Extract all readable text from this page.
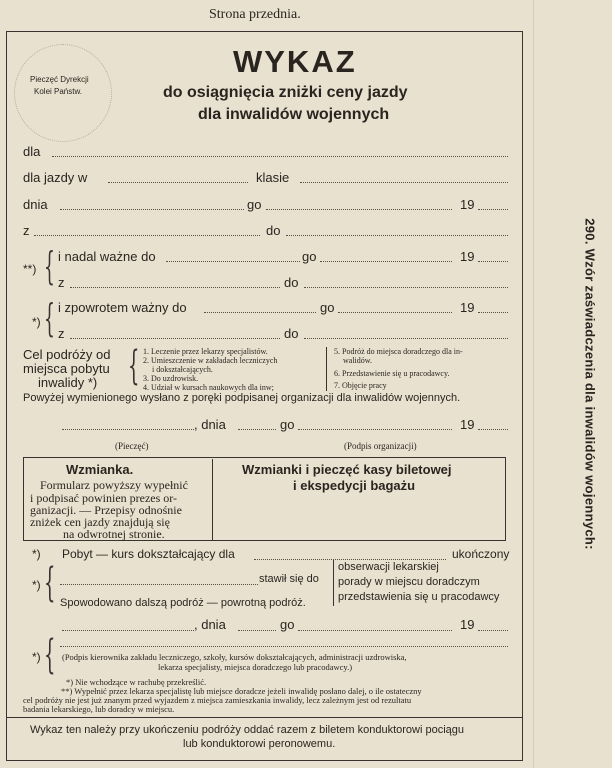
Strona przednia.
Pieczęć Dyrekcji
Kolei Państw.
WYKAZ
do osiągnięcia zniżki ceny jazdy
dla inwalidów wojennych
dla
dla jazdy w	klasie
dnia	go	19
z	do
**) { i nadal ważne do	go	19
z	do
*) { i zpowrotem ważny do	go	19
z	do
Cel podróży od
miejsca pobytu
inwalidy *) { 1. Leczenie przez lekarzy specjalistów.
2. Umieszczenie w zakładach leczniczych
i dokształcających.
3. Do uzdrowisk.
4. Udział w kursach naukowych dla inw;
5. Podróż do miejsca doradczego dla in-
walidów.
6. Przedstawienie się u pracodawcy.
7. Objęcie pracy
Powyżej wymienionego wysłano z poręki podpisanej organizacji dla inwalidów wojennych.
, dnia	go	19
(Pieczęć)	(Podpis organizacji)
Wzmianka.
Formularz powyższy wypełnić
i podpisać powinien prezes or-
ganizacji. — Przepisy odnośnie
zniżek cen jazdy znajdują się
na odwrotnej stronie.
Wzmianki i pieczęć kasy biletowej
i ekspedycji bagażu
*) Pobyt — kurs dokształcający dla	ukończony
*) {	stawił się do
obserwacji lekarskiej
porady w miejscu doradczym
przedstawienia się u pracodawcy
Spowodowano dalszą podróż — powrotną podróż.
, dnia	go	19
*) { (Podpis kierownika zakładu leczniczego, szkoły, kursów dokształcających, administracji uzdrowiska,
lekarza specjalisty, miejsca doradczego lub pracodawcy.)
*) Nie wchodzące w rachubę przekreślić.
**) Wypełnić przez lekarza specjalistę lub miejsce doradcze jeżeli inwalidę posłano dalej, o ile ostateczny
cel podróży nie jest już znanym przed wyjazdem z miejsca zamieszkania inwalidy, lecz zależnym jest od rezultatu
badania lekarskiego, lub doradcy w miejscu.
Wykaz ten należy przy ukończeniu podróży oddać razem z biletem konduktorowi pociągu
lub konduktorowi peronowemu.
290. Wzór zaświadczenia dla inwalidów wojennych:
